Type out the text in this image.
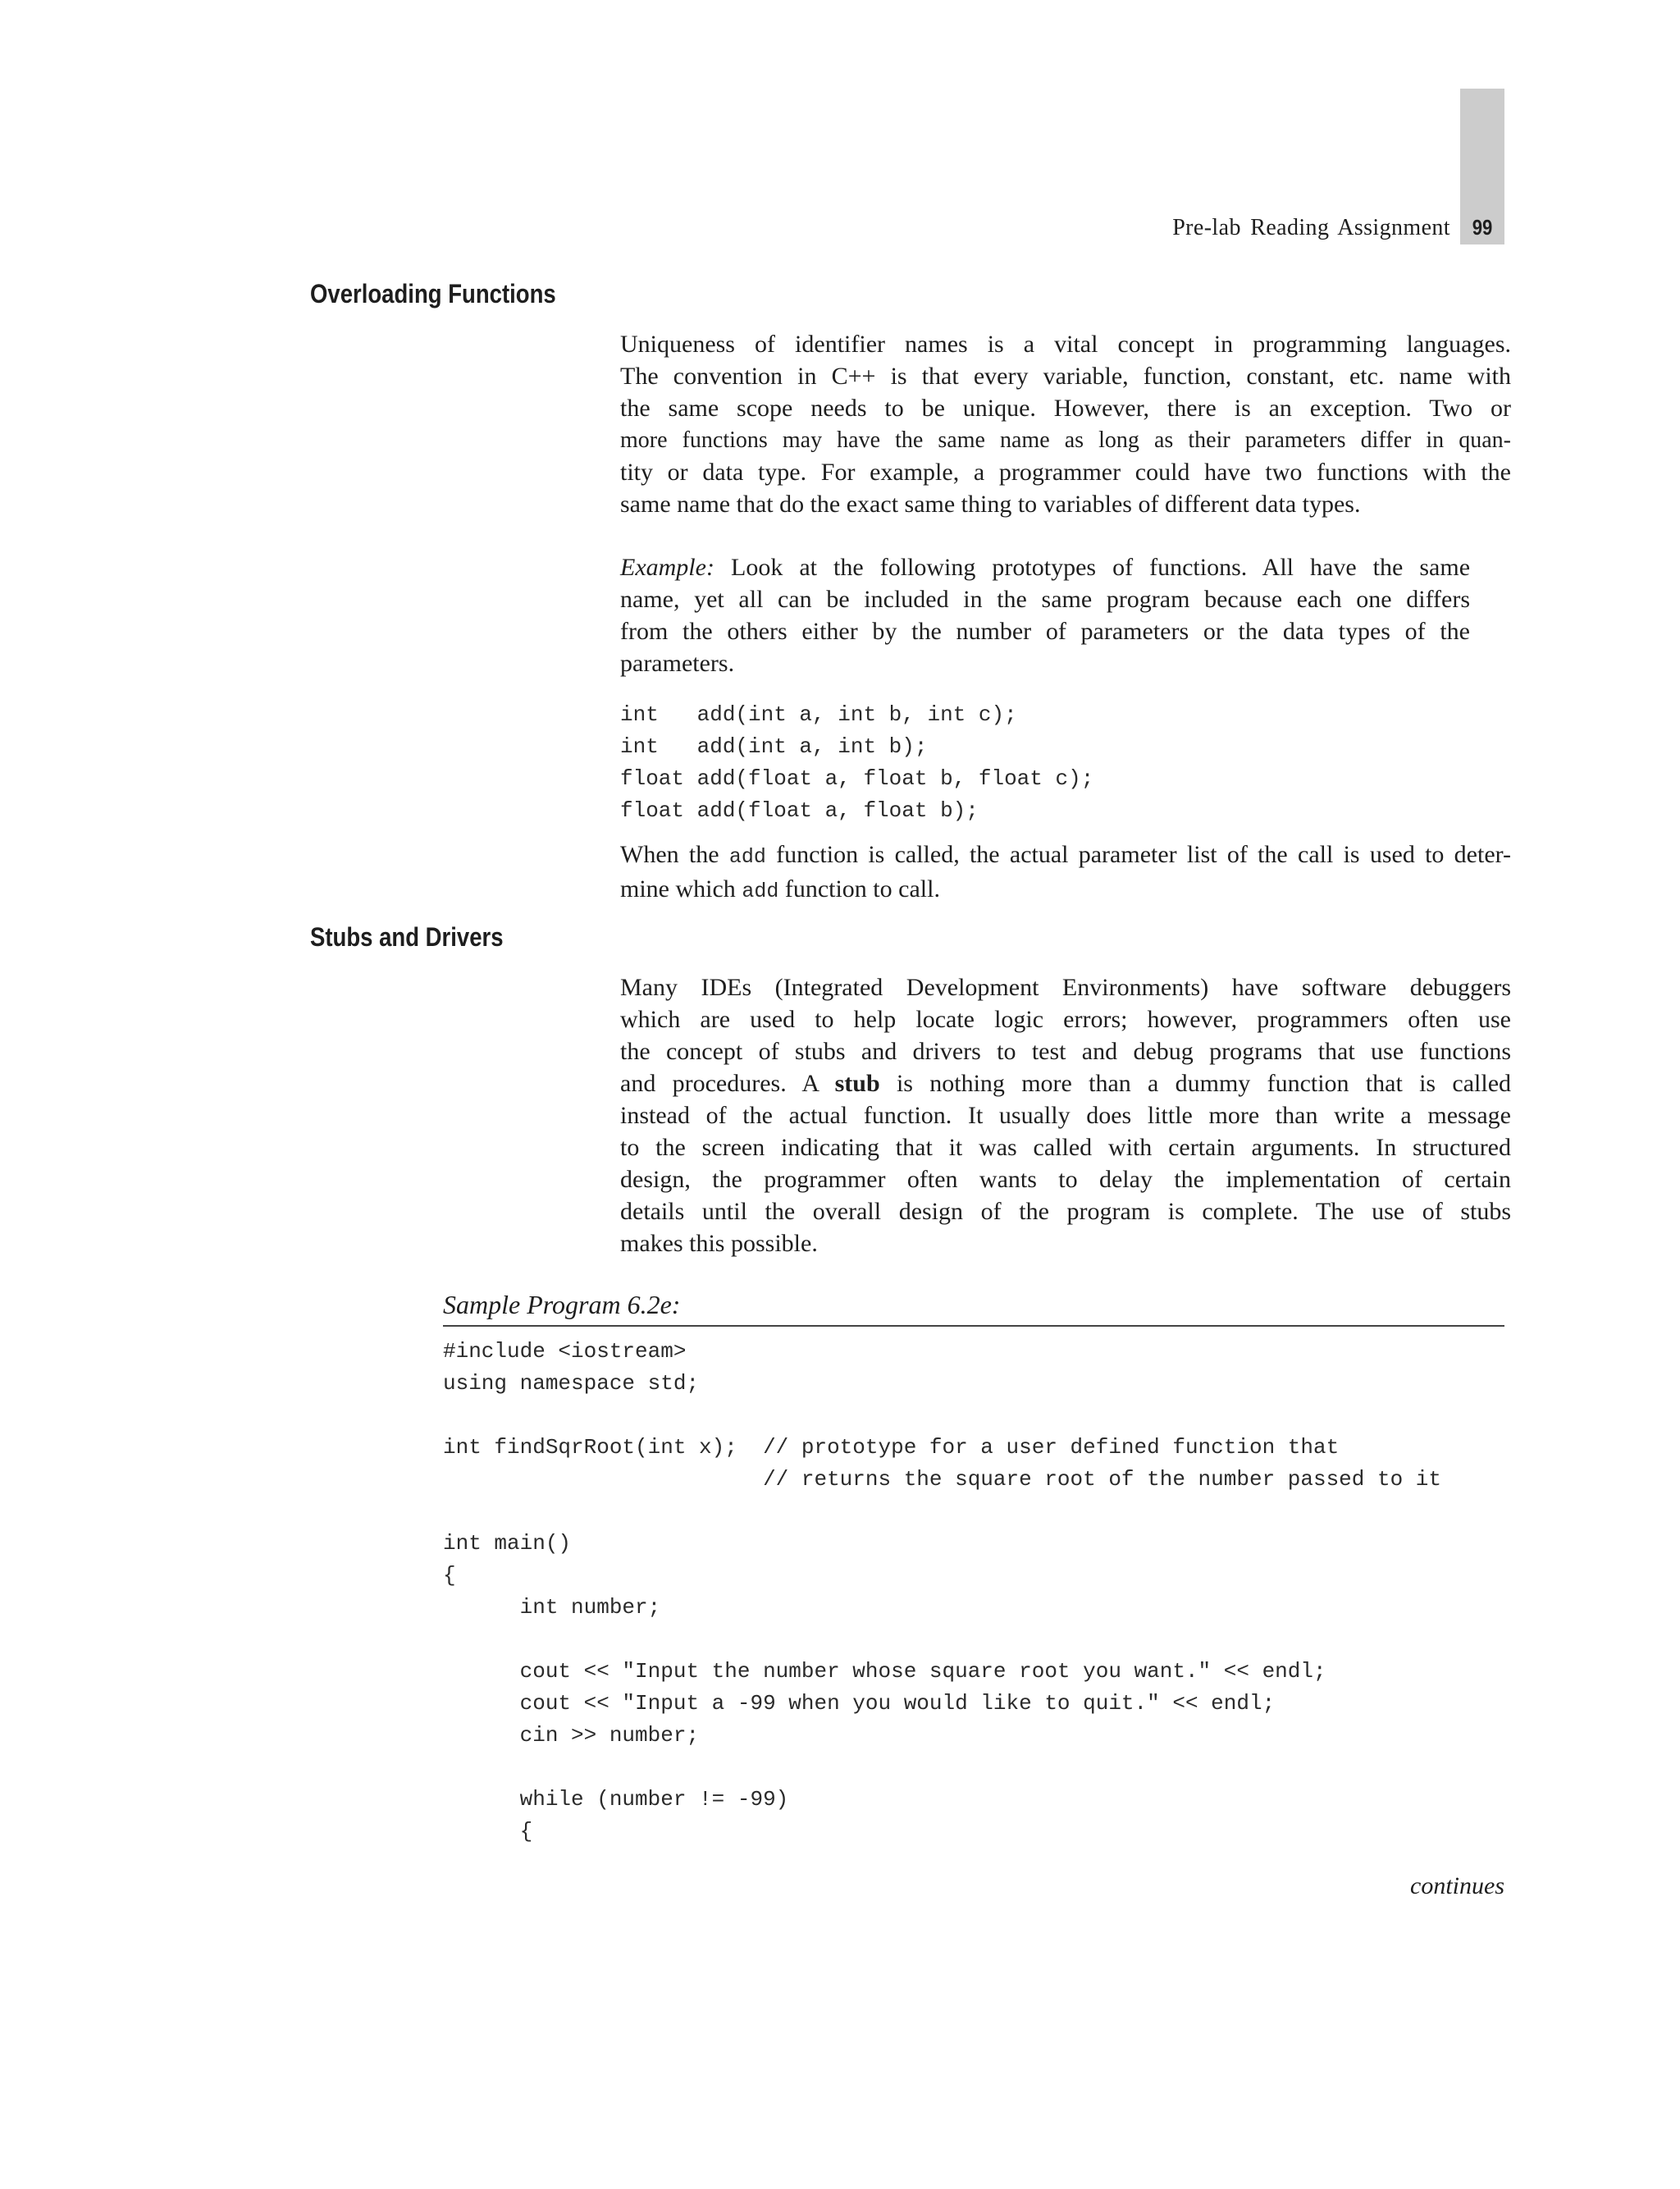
Pre-lab Reading Assignment	99
Overloading Functions
Uniqueness of identifier names is a vital concept in programming languages.
The convention in C++ is that every variable, function, constant, etc. name with
the same scope needs to be unique. However, there is an exception. Two or
more functions may have the same name as long as their parameters differ in quan-
tity or data type. For example, a programmer could have two functions with the
same name that do the exact same thing to variables of different data types.
Example: Look at the following prototypes of functions. All have the same
name, yet all can be included in the same program because each one differs
from the others either by the number of parameters or the data types of the
parameters.
int   add(int a, int b, int c);
int   add(int a, int b);
float add(float a, float b, float c);
float add(float a, float b);
When the add function is called, the actual parameter list of the call is used to deter-
mine which add function to call.
Stubs and Drivers
Many IDEs (Integrated Development Environments) have software debuggers
which are used to help locate logic errors; however, programmers often use
the concept of stubs and drivers to test and debug programs that use functions
and procedures. A stub is nothing more than a dummy function that is called
instead of the actual function. It usually does little more than write a message
to the screen indicating that it was called with certain arguments. In structured
design, the programmer often wants to delay the implementation of certain
details until the overall design of the program is complete. The use of stubs
makes this possible.
Sample Program 6.2e:
#include <iostream>
using namespace std;
int findSqrRoot(int x);  // prototype for a user defined function that
// returns the square root of the number passed to it
int main()
{
int number;
cout << "Input the number whose square root you want." << endl;
cout << "Input a -99 when you would like to quit." << endl;
cin >> number;
while (number != -99)
{
continues
